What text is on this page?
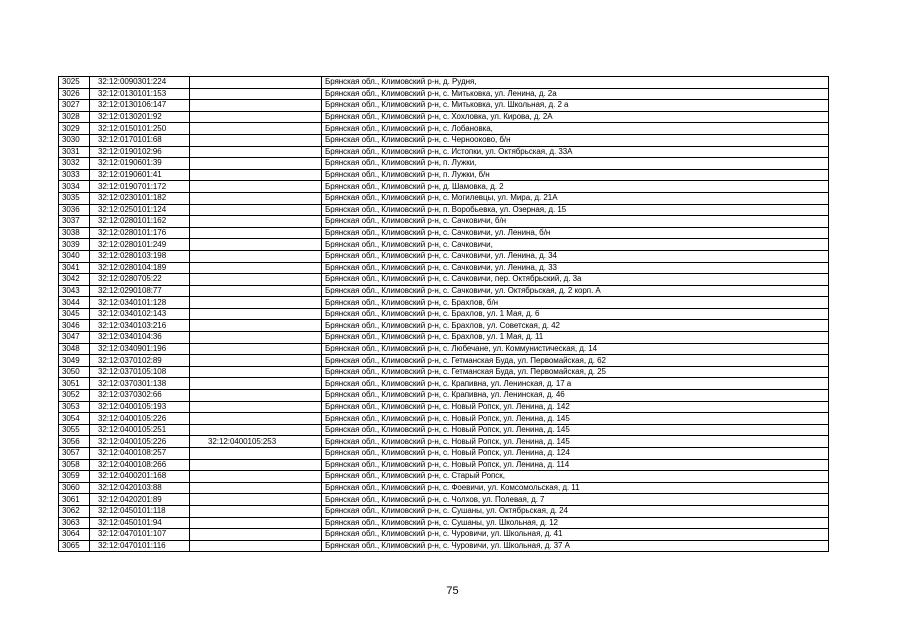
3025	32:12:0090301:224		Брянская обл., Климовский р-н, д. Рудня,
3026	32:12:0130101:153		Брянская обл., Климовский р-н, с. Митьковка, ул. Ленина, д. 2а
3027	32:12:0130106:147		Брянская обл., Климовский р-н, с. Митьковка, ул. Школьная, д. 2 а
3028	32:12:0130201:92		Брянская обл., Климовский р-н, с. Хохловка, ул. Кирова, д. 2А
3029	32:12:0150101:250		Брянская обл., Климовский р-н, с. Лобановка,
3030	32:12:0170101:68		Брянская обл., Климовский р-н, с. Чернооково, б/н
3031	32:12:0190102:96		Брянская обл., Климовский р-н, с. Истопки, ул. Октябрьская, д. 33А
3032	32:12:0190601:39		Брянская обл., Климовский р-н, п. Лужки,
3033	32:12:0190601:41		Брянская обл., Климовский р-н, п. Лужки, б/н
3034	32:12:0190701:172		Брянская обл., Климовский р-н, д. Шамовка, д. 2
3035	32:12:0230101:182		Брянская обл., Климовский р-н, с. Могилевцы, ул. Мира, д. 21А
3036	32:12:0250101:124		Брянская обл., Климовский р-н, п. Воробьевка, ул. Озерная, д. 15
3037	32:12:0280101:162		Брянская обл., Климовский р-н, с. Сачковичи, б/н
3038	32:12:0280101:176		Брянская обл., Климовский р-н, с. Сачковичи, ул. Ленина, б/н
3039	32:12:0280101:249		Брянская обл., Климовский р-н, с. Сачковичи,
3040	32:12:0280103:198		Брянская обл., Климовский р-н, с. Сачковичи, ул. Ленина, д. 34
3041	32:12:0280104:189		Брянская обл., Климовский р-н, с. Сачковичи, ул. Ленина, д. 33
3042	32:12:0280705:22		Брянская обл., Климовский р-н, с. Сачковичи, пер. Октябрьский, д. 3а
3043	32:12:0290108:77		Брянская обл., Климовский р-н, с. Сачковичи, ул. Октябрьская, д. 2 корп. А
3044	32:12:0340101:128		Брянская обл., Климовский р-н, с. Брахлов, б/н
3045	32:12:0340102:143		Брянская обл., Климовский р-н, с. Брахлов, ул. 1 Мая, д. 6
3046	32:12:0340103:216		Брянская обл., Климовский р-н, с. Брахлов, ул. Советская, д. 42
3047	32:12:0340104:36		Брянская обл., Климовский р-н, с. Брахлов, ул. 1 Мая, д. 11
3048	32:12:0340901:196		Брянская обл., Климовский р-н, с. Любечане, ул. Коммунистическая, д. 14
3049	32:12:0370102:89		Брянская обл., Климовский р-н, с. Гетманская Буда, ул. Первомайская, д. 62
3050	32:12:0370105:108		Брянская обл., Климовский р-н, с. Гетманская Буда, ул. Первомайская, д. 25
3051	32:12:0370301:138		Брянская обл., Климовский р-н, с. Крапивна, ул. Ленинская, д. 17 а
3052	32:12:0370302:66		Брянская обл., Климовский р-н, с. Крапивна, ул. Ленинская, д. 46
3053	32:12:0400105:193		Брянская обл., Климовский р-н, с. Новый Ропск, ул. Ленина, д. 142
3054	32:12:0400105:226		Брянская обл., Климовский р-н, с. Новый Ропск, ул. Ленина, д. 145
3055	32:12:0400105:251		Брянская обл., Климовский р-н, с. Новый Ропск, ул. Ленина, д. 145
3056	32:12:0400105:226	32:12:0400105:253	Брянская обл., Климовский р-н, с. Новый Ропск, ул. Ленина, д. 145
3057	32:12:0400108:257		Брянская обл., Климовский р-н, с. Новый Ропск, ул. Ленина, д. 124
3058	32:12:0400108:266		Брянская обл., Климовский р-н, с. Новый Ропск, ул. Ленина, д. 114
3059	32:12:0400201:168		Брянская обл., Климовский р-н, с. Старый Ропск,
3060	32:12:0420103:88		Брянская обл., Климовский р-н, с. Фоевичи, ул. Комсомольская, д. 11
3061	32:12:0420201:89		Брянская обл., Климовский р-н, с. Чолхов, ул. Полевая, д. 7
3062	32:12:0450101:118		Брянская обл., Климовский р-н, с. Сушаны, ул. Октябрьская, д. 24
3063	32:12:0450101:94		Брянская обл., Климовский р-н, с. Сушаны, ул. Школьная, д. 12
3064	32:12:0470101:107		Брянская обл., Климовский р-н, с. Чуровичи, ул. Школьная, д. 41
3065	32:12:0470101:116		Брянская обл., Климовский р-н, с. Чуровичи, ул. Школьная, д. 37 А
75
